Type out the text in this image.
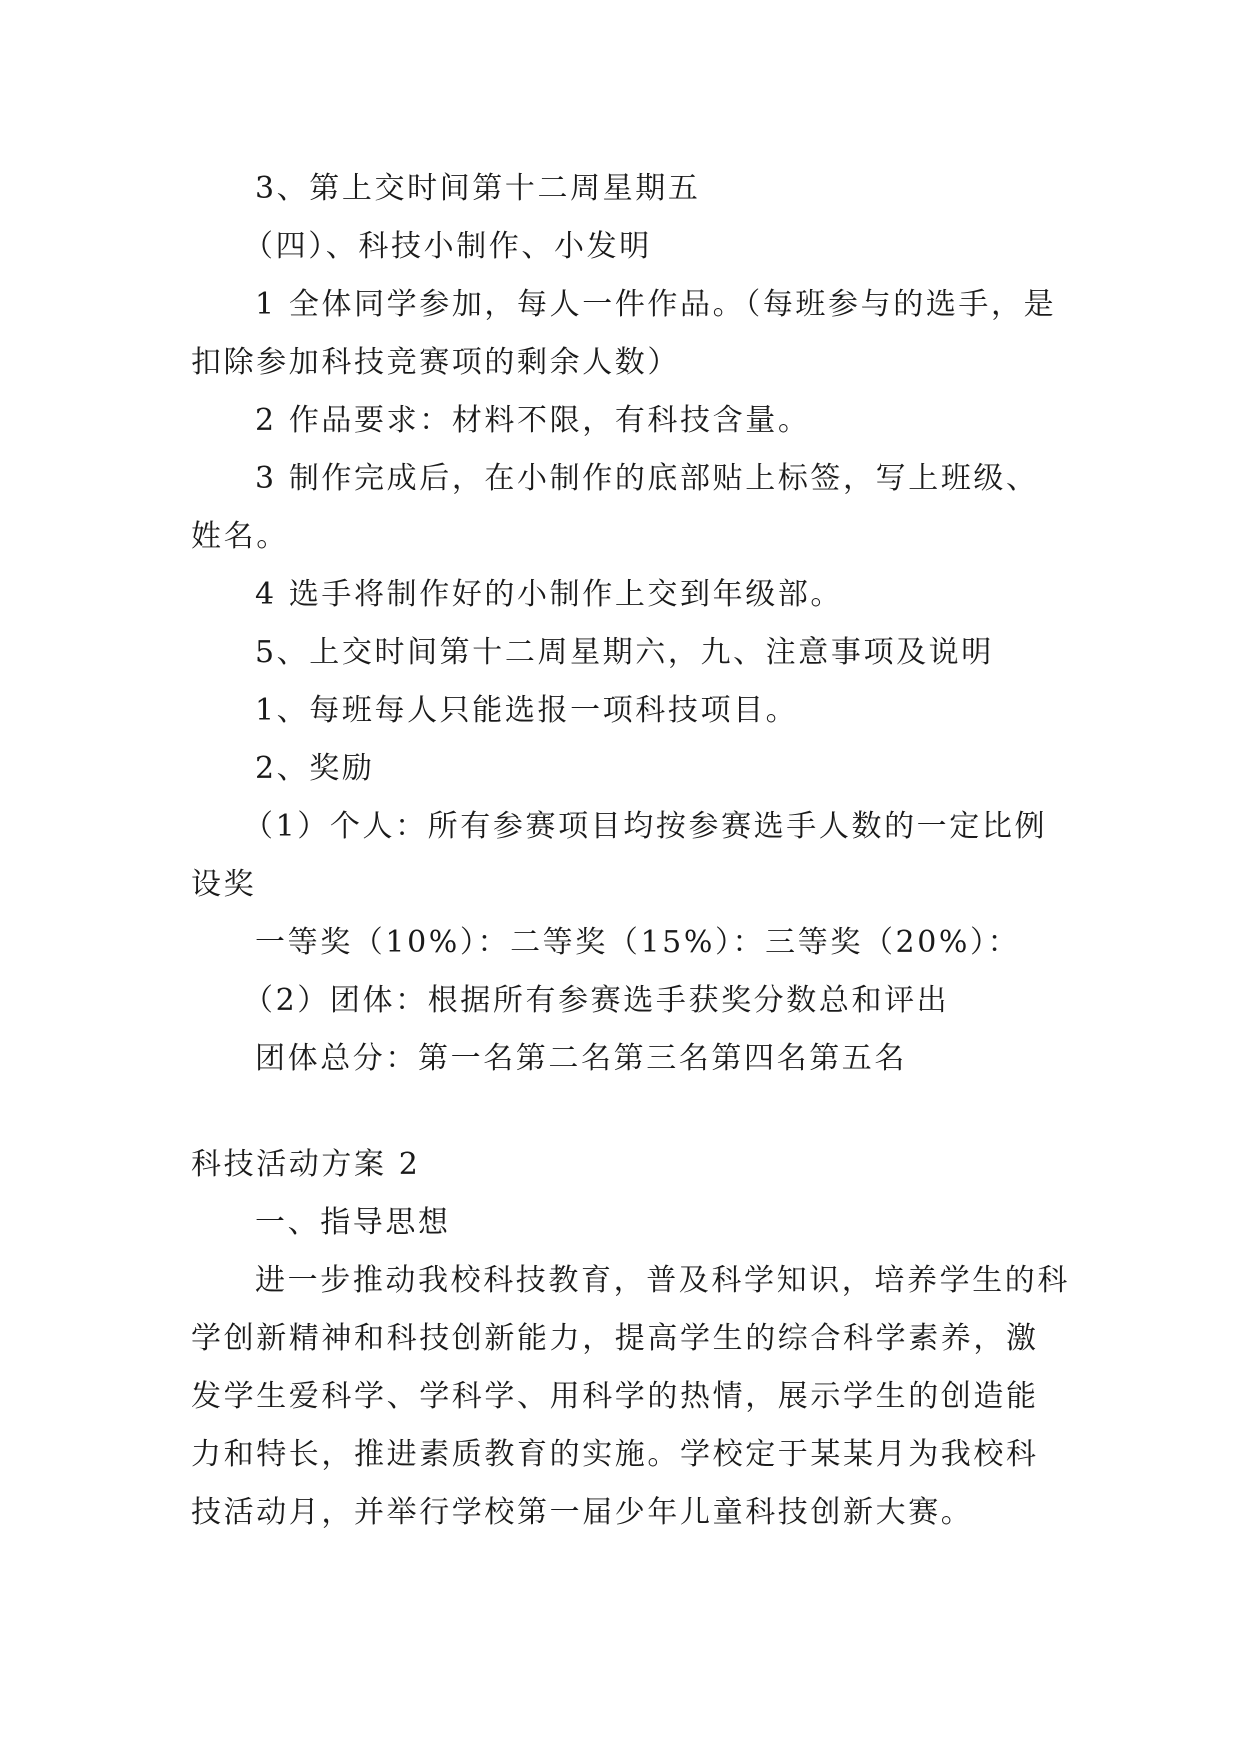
3、第上交时间第十二周星期五

（四）、科技小制作、小发明

1 全体同学参加，每人一件作品。（每班参与的选手，是扣除参加科技竞赛项的剩余人数）

2 作品要求：材料不限，有科技含量。

3 制作完成后，在小制作的底部贴上标签，写上班级、姓名。

4 选手将制作好的小制作上交到年级部。

5、上交时间第十二周星期六，九、注意事项及说明

1、每班每人只能选报一项科技项目。

2、奖励

（1）个人：所有参赛项目均按参赛选手人数的一定比例设奖

一等奖（10%）：二等奖（15%）：三等奖（20%）：

（2）团体：根据所有参赛选手获奖分数总和评出

团体总分：第一名第二名第三名第四名第五名

科技活动方案 2

一、指导思想

进一步推动我校科技教育，普及科学知识，培养学生的科学创新精神和科技创新能力，提高学生的综合科学素养，激发学生爱科学、学科学、用科学的热情，展示学生的创造能力和特长，推进素质教育的实施。学校定于某某月为我校科技活动月，并举行学校第一届少年儿童科技创新大赛。
